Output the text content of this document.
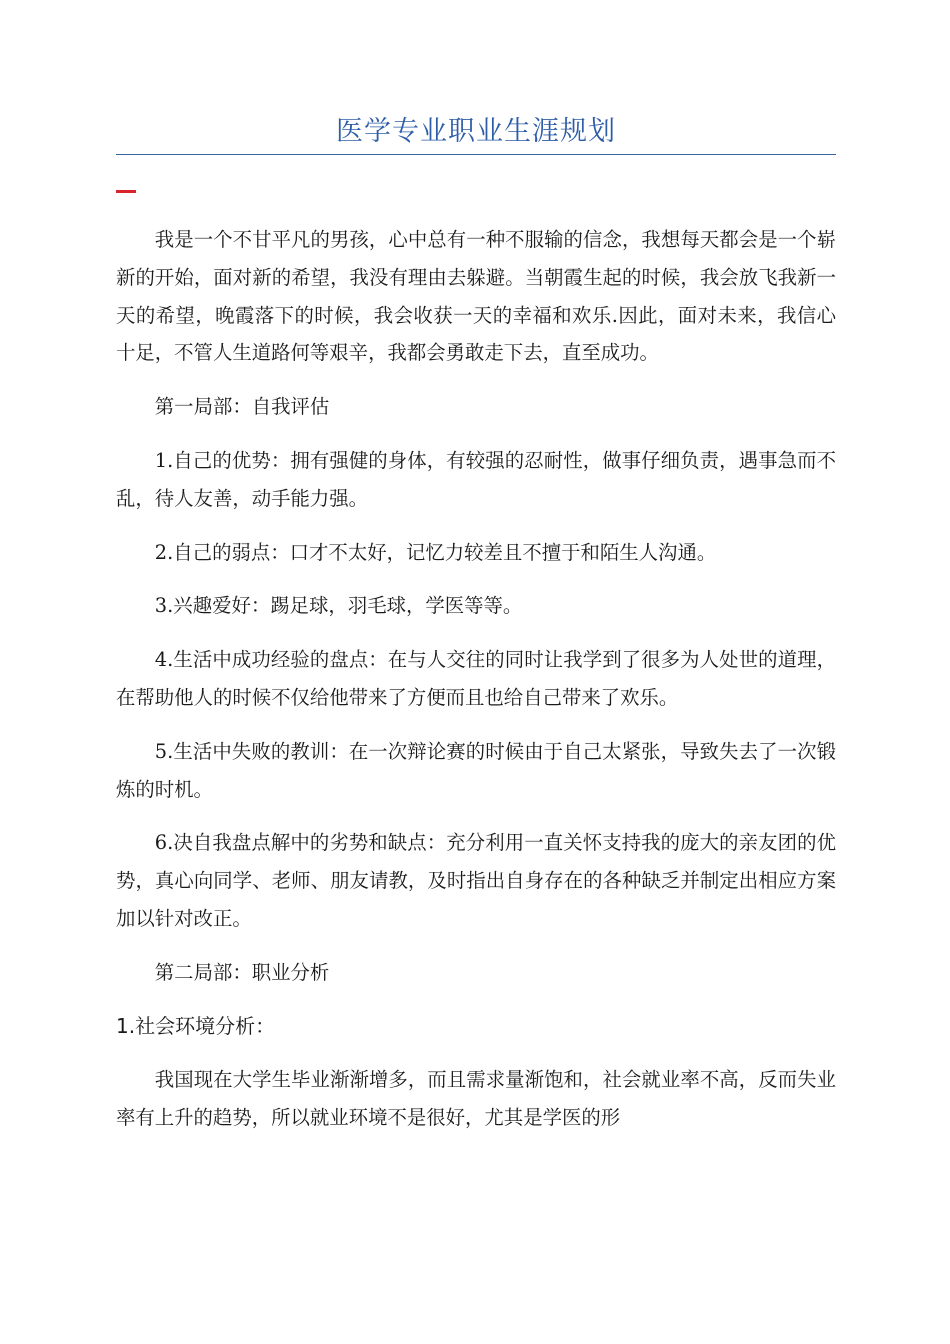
医学专业职业生涯规划

我是一个不甘平凡的男孩，心中总有一种不服输的信念，我想每天都会是一个崭新的开始，面对新的希望，我没有理由去躲避。当朝霞生起的时候，我会放飞我新一天的希望，晚霞落下的时候，我会收获一天的幸福和欢乐.因此，面对未来，我信心十足，不管人生道路何等艰辛，我都会勇敢走下去，直至成功。

第一局部：自我评估

1.自己的优势：拥有强健的身体，有较强的忍耐性，做事仔细负责，遇事急而不乱，待人友善，动手能力强。

2.自己的弱点：口才不太好，记忆力较差且不擅于和陌生人沟通。

3.兴趣爱好：踢足球，羽毛球，学医等等。

4.生活中成功经验的盘点：在与人交往的同时让我学到了很多为人处世的道理，在帮助他人的时候不仅给他带来了方便而且也给自己带来了欢乐。

5.生活中失败的教训：在一次辩论赛的时候由于自己太紧张，导致失去了一次锻炼的时机。

6.决自我盘点解中的劣势和缺点：充分利用一直关怀支持我的庞大的亲友团的优势，真心向同学、老师、朋友请教，及时指出自身存在的各种缺乏并制定出相应方案加以针对改正。

第二局部：职业分析

1.社会环境分析：

我国现在大学生毕业渐渐增多，而且需求量渐饱和，社会就业率不高，反而失业率有上升的趋势，所以就业环境不是很好，尤其是学医的形
